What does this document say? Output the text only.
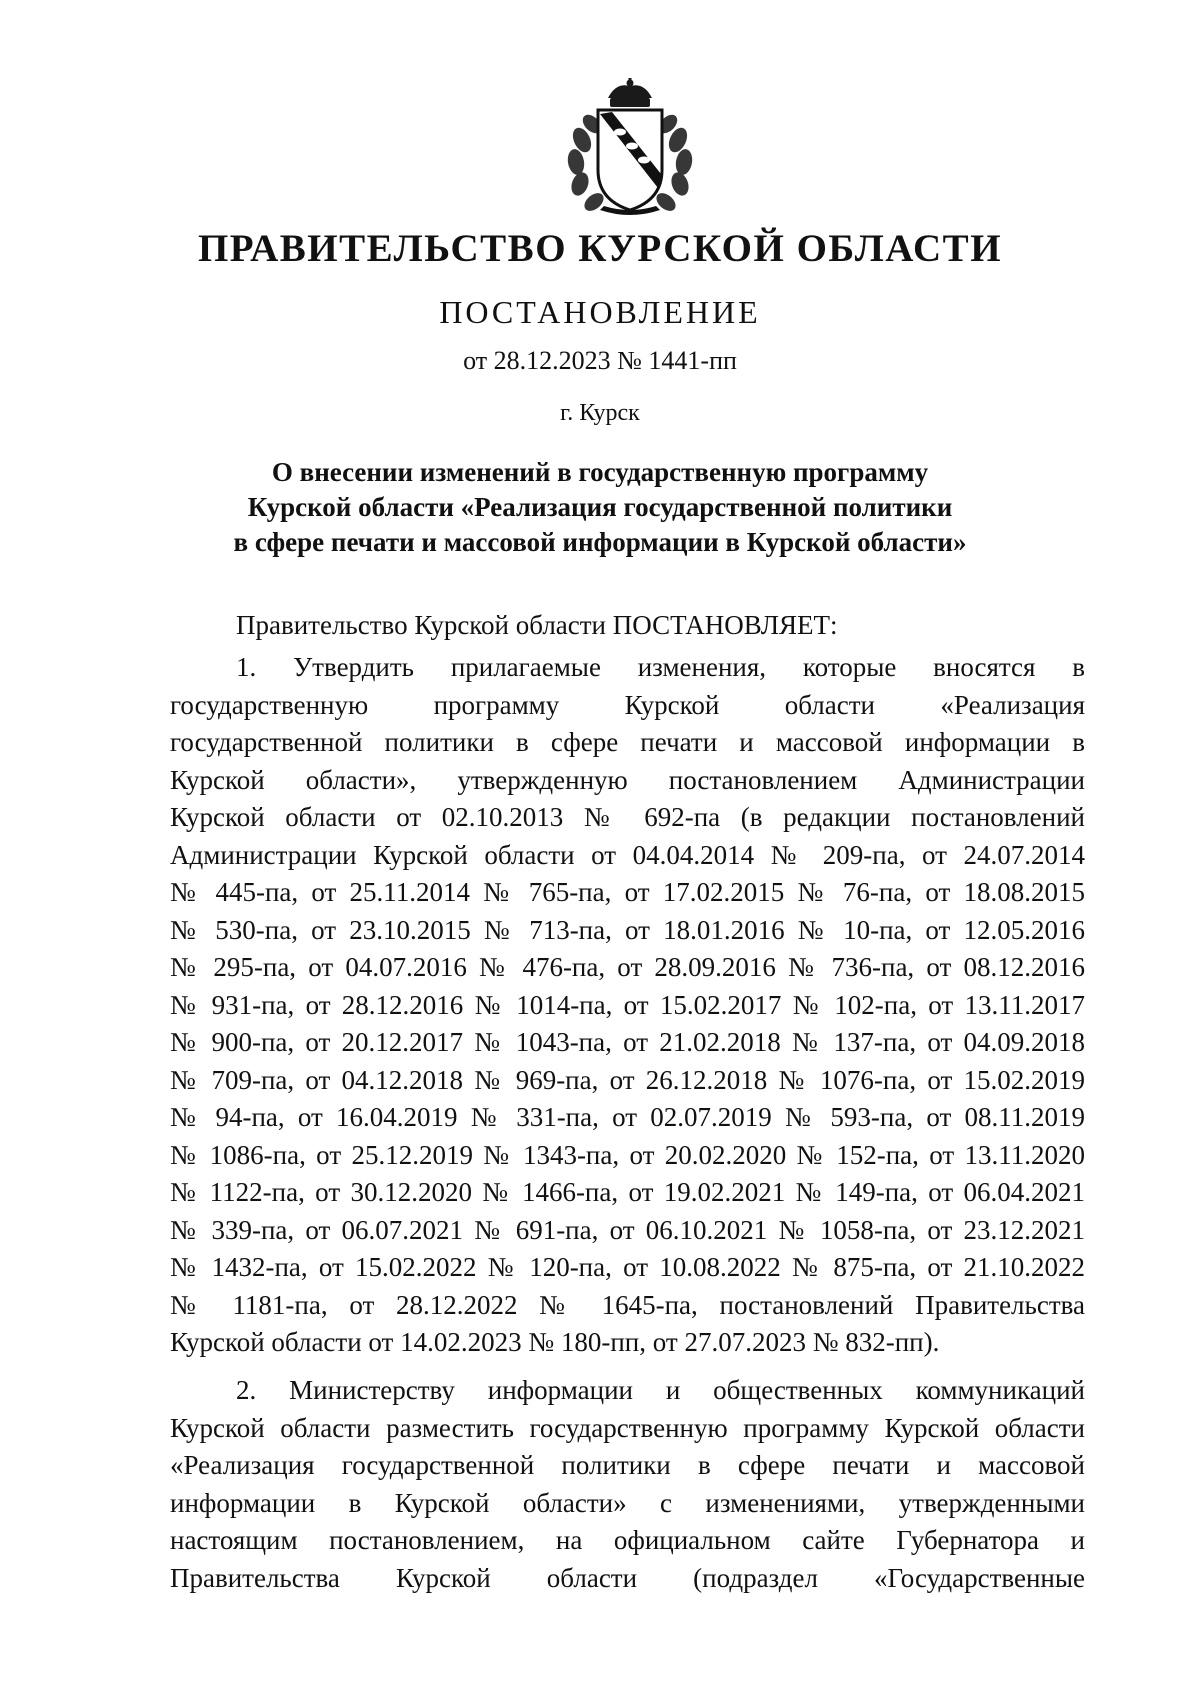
ПРАВИТЕЛЬСТВО КУРСКОЙ ОБЛАСТИ
ПОСТАНОВЛЕНИЕ
от 28.12.2023 № 1441-пп
г. Курск
О внесении изменений в государственную программу
Курской области «Реализация государственной политики
в сфере печати и массовой информации в Курской области»
Правительство Курской области ПОСТАНОВЛЯЕТ:
1. Утвердить прилагаемые изменения, которые вносятся в
государственную программу Курской области «Реализация
государственной политики в сфере печати и массовой информации в
Курской области», утвержденную постановлением Администрации
Курской области от 02.10.2013 № 692-па (в редакции постановлений
Администрации Курской области от 04.04.2014 № 209-па, от 24.07.2014
№ 445-па, от 25.11.2014 № 765-па, от 17.02.2015 № 76-па, от 18.08.2015
№ 530-па, от 23.10.2015 № 713-па, от 18.01.2016 № 10-па, от 12.05.2016
№ 295-па, от 04.07.2016 № 476-па, от 28.09.2016 № 736-па, от 08.12.2016
№ 931-па, от 28.12.2016 № 1014-па, от 15.02.2017 № 102-па, от 13.11.2017
№ 900-па, от 20.12.2017 № 1043-па, от 21.02.2018 № 137-па, от 04.09.2018
№ 709-па, от 04.12.2018 № 969-па, от 26.12.2018 № 1076-па, от 15.02.2019
№ 94-па, от 16.04.2019 № 331-па, от 02.07.2019 № 593-па, от 08.11.2019
№ 1086-па, от 25.12.2019 № 1343-па, от 20.02.2020 № 152-па, от 13.11.2020
№ 1122-па, от 30.12.2020 № 1466-па, от 19.02.2021 № 149-па, от 06.04.2021
№ 339-па, от 06.07.2021 № 691-па, от 06.10.2021 № 1058-па, от 23.12.2021
№ 1432-па, от 15.02.2022 № 120-па, от 10.08.2022 № 875-па, от 21.10.2022
№ 1181-па, от 28.12.2022 № 1645-па, постановлений Правительства
Курской области от 14.02.2023 № 180-пп, от 27.07.2023 № 832-пп).
2. Министерству информации и общественных коммуникаций
Курской области разместить государственную программу Курской области
«Реализация государственной политики в сфере печати и массовой
информации в Курской области» с изменениями, утвержденными
настоящим постановлением, на официальном сайте Губернатора и
Правительства Курской области (подраздел «Государственные
